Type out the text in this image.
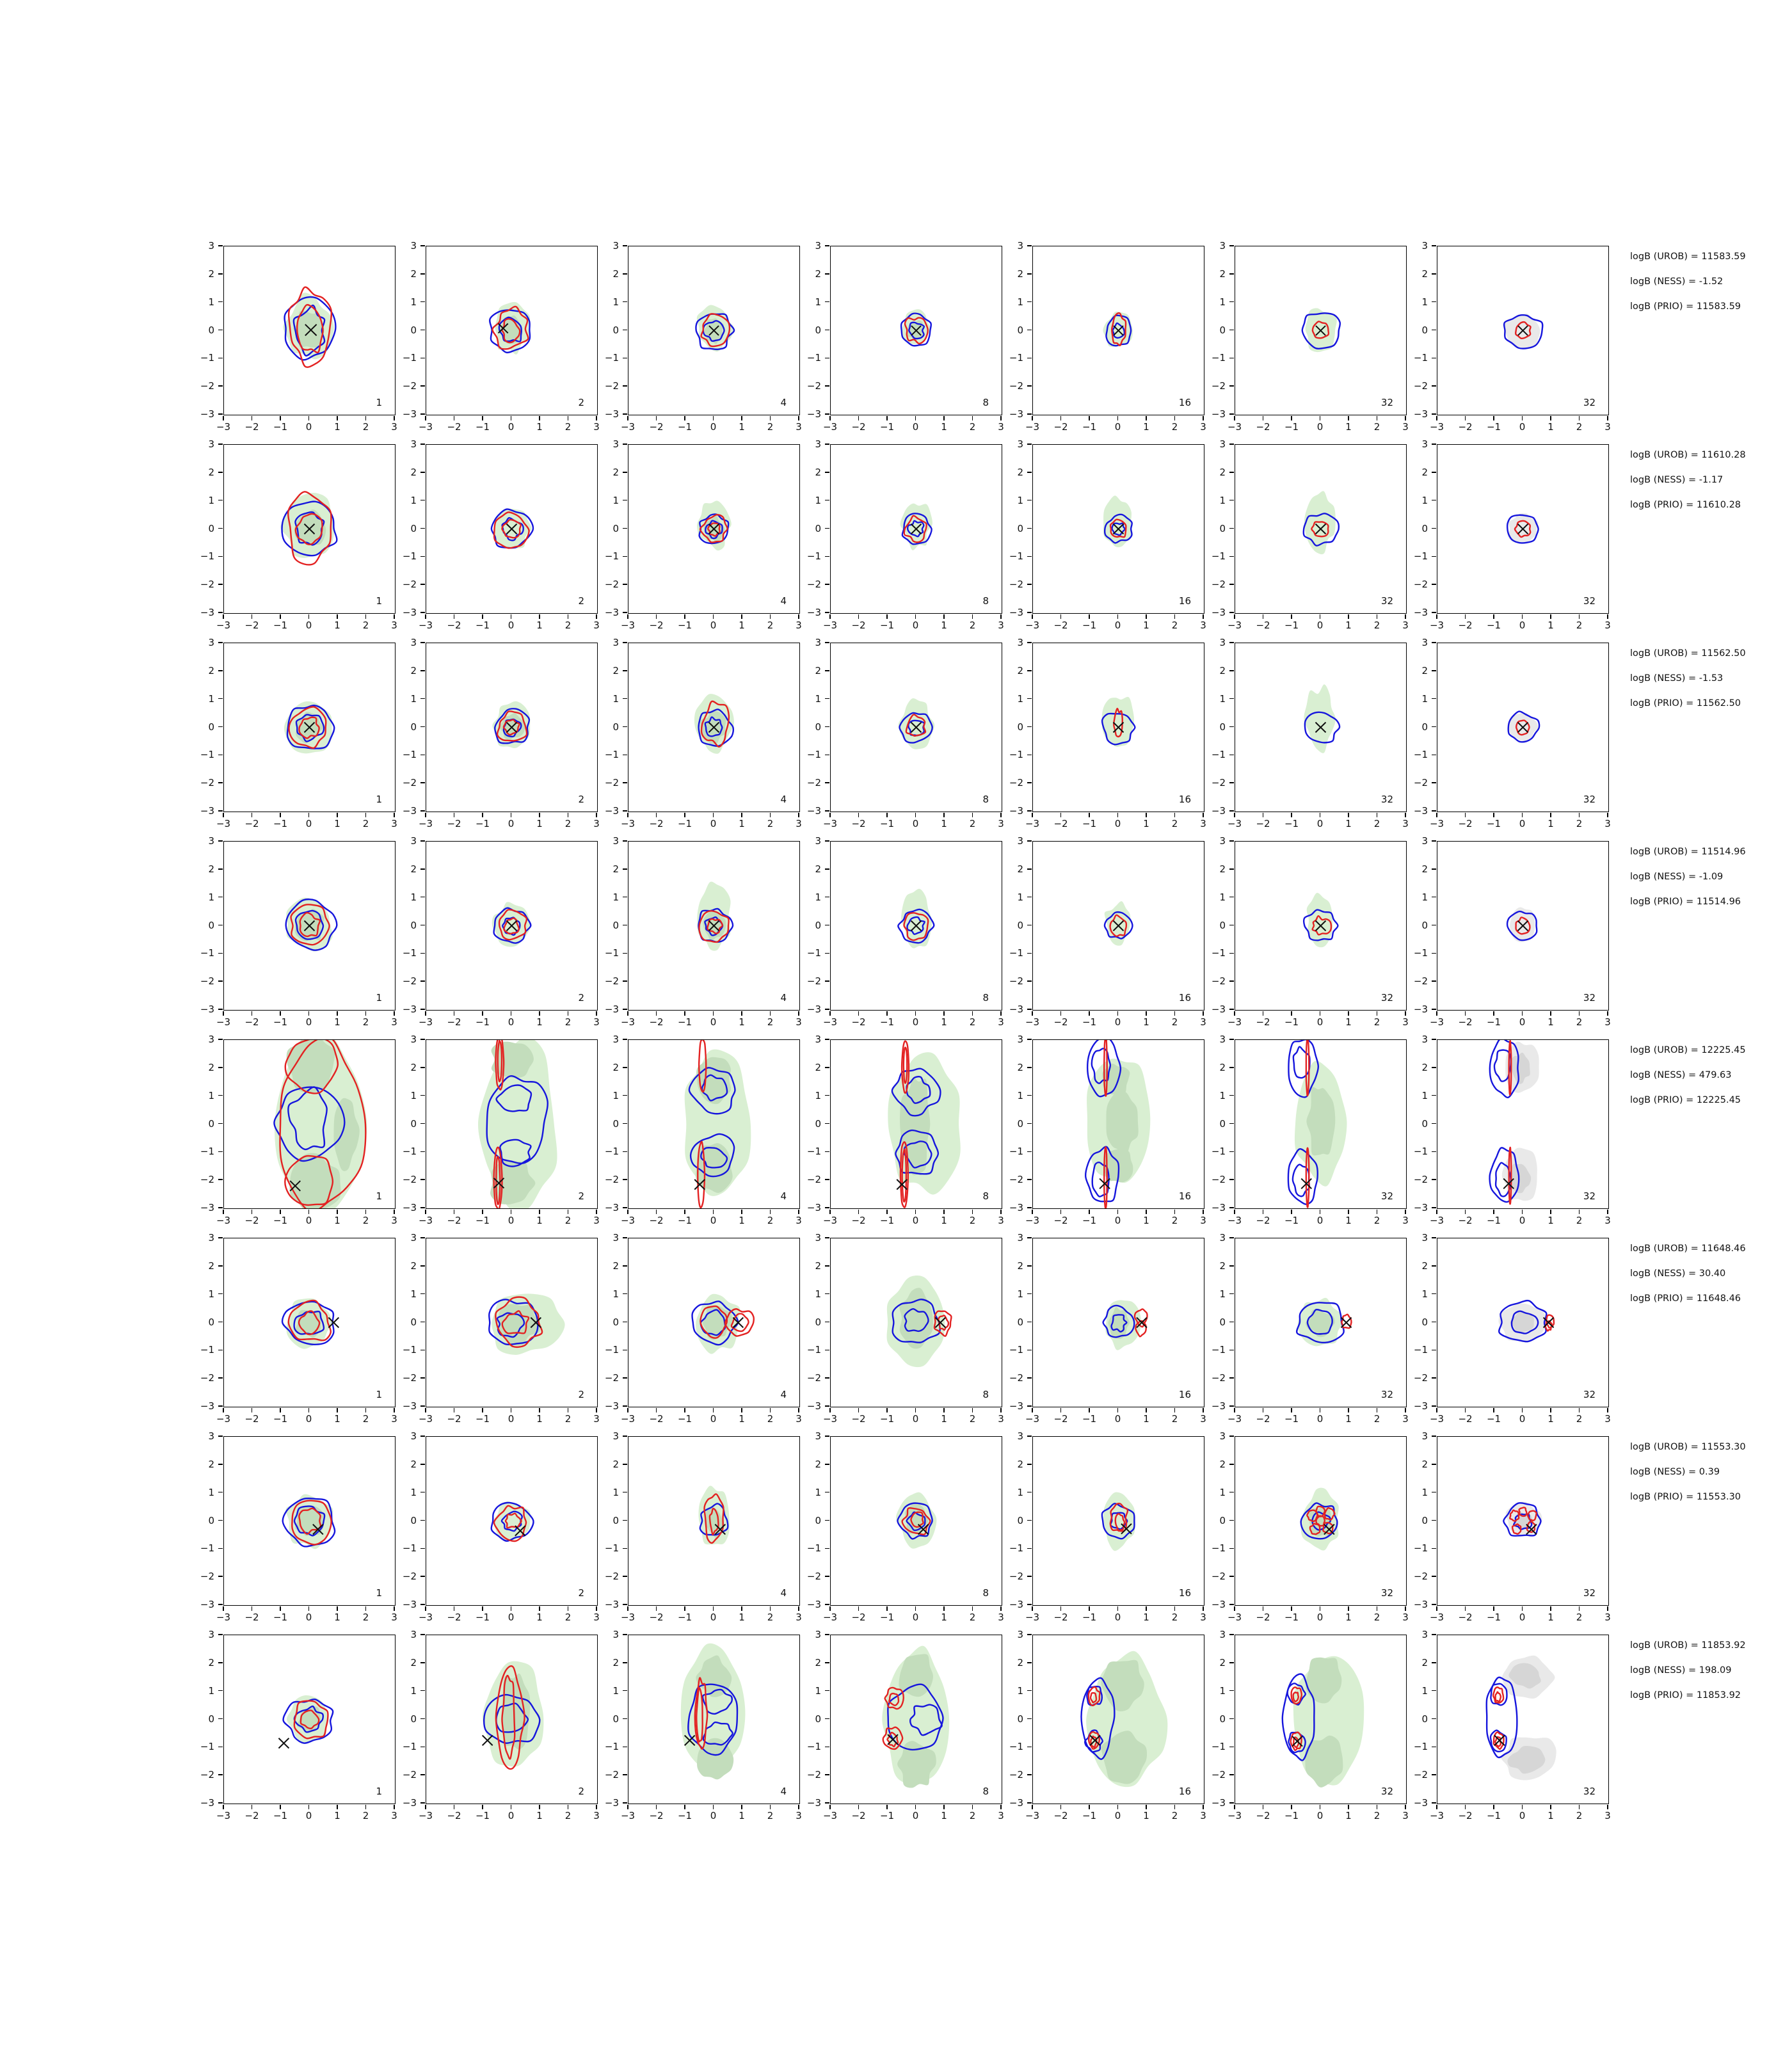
1
−3
−3
−2
−2
−1
−1
0
0
1
1
2
2
3
3
2
−3
−3
−2
−2
−1
−1
0
0
1
1
2
2
3
3
4
−3
−3
−2
−2
−1
−1
0
0
1
1
2
2
3
3
8
−3
−3
−2
−2
−1
−1
0
0
1
1
2
2
3
3
16
−3
−3
−2
−2
−1
−1
0
0
1
1
2
2
3
3
32
−3
−3
−2
−2
−1
−1
0
0
1
1
2
2
3
3
32
−3
−3
−2
−2
−1
−1
0
0
1
1
2
2
3
3
1
−3
−3
−2
−2
−1
−1
0
0
1
1
2
2
3
3
2
−3
−3
−2
−2
−1
−1
0
0
1
1
2
2
3
3
4
−3
−3
−2
−2
−1
−1
0
0
1
1
2
2
3
3
8
−3
−3
−2
−2
−1
−1
0
0
1
1
2
2
3
3
16
−3
−3
−2
−2
−1
−1
0
0
1
1
2
2
3
3
32
−3
−3
−2
−2
−1
−1
0
0
1
1
2
2
3
3
32
−3
−3
−2
−2
−1
−1
0
0
1
1
2
2
3
3
1
−3
−3
−2
−2
−1
−1
0
0
1
1
2
2
3
3
2
−3
−3
−2
−2
−1
−1
0
0
1
1
2
2
3
3
4
−3
−3
−2
−2
−1
−1
0
0
1
1
2
2
3
3
8
−3
−3
−2
−2
−1
−1
0
0
1
1
2
2
3
3
16
−3
−3
−2
−2
−1
−1
0
0
1
1
2
2
3
3
32
−3
−3
−2
−2
−1
−1
0
0
1
1
2
2
3
3
32
−3
−3
−2
−2
−1
−1
0
0
1
1
2
2
3
3
1
−3
−3
−2
−2
−1
−1
0
0
1
1
2
2
3
3
2
−3
−3
−2
−2
−1
−1
0
0
1
1
2
2
3
3
4
−3
−3
−2
−2
−1
−1
0
0
1
1
2
2
3
3
8
−3
−3
−2
−2
−1
−1
0
0
1
1
2
2
3
3
16
−3
−3
−2
−2
−1
−1
0
0
1
1
2
2
3
3
32
−3
−3
−2
−2
−1
−1
0
0
1
1
2
2
3
3
32
−3
−3
−2
−2
−1
−1
0
0
1
1
2
2
3
3
1
−3
−3
−2
−2
−1
−1
0
0
1
1
2
2
3
3
2
−3
−3
−2
−2
−1
−1
0
0
1
1
2
2
3
3
4
−3
−3
−2
−2
−1
−1
0
0
1
1
2
2
3
3
8
−3
−3
−2
−2
−1
−1
0
0
1
1
2
2
3
3
16
−3
−3
−2
−2
−1
−1
0
0
1
1
2
2
3
3
32
−3
−3
−2
−2
−1
−1
0
0
1
1
2
2
3
3
32
−3
−3
−2
−2
−1
−1
0
0
1
1
2
2
3
3
1
−3
−3
−2
−2
−1
−1
0
0
1
1
2
2
3
3
2
−3
−3
−2
−2
−1
−1
0
0
1
1
2
2
3
3
4
−3
−3
−2
−2
−1
−1
0
0
1
1
2
2
3
3
8
−3
−3
−2
−2
−1
−1
0
0
1
1
2
2
3
3
16
−3
−3
−2
−2
−1
−1
0
0
1
1
2
2
3
3
32
−3
−3
−2
−2
−1
−1
0
0
1
1
2
2
3
3
32
−3
−3
−2
−2
−1
−1
0
0
1
1
2
2
3
3
1
−3
−3
−2
−2
−1
−1
0
0
1
1
2
2
3
3
2
−3
−3
−2
−2
−1
−1
0
0
1
1
2
2
3
3
4
−3
−3
−2
−2
−1
−1
0
0
1
1
2
2
3
3
8
−3
−3
−2
−2
−1
−1
0
0
1
1
2
2
3
3
16
−3
−3
−2
−2
−1
−1
0
0
1
1
2
2
3
3
32
−3
−3
−2
−2
−1
−1
0
0
1
1
2
2
3
3
32
−3
−3
−2
−2
−1
−1
0
0
1
1
2
2
3
3
1
−3
−3
−2
−2
−1
−1
0
0
1
1
2
2
3
3
2
−3
−3
−2
−2
−1
−1
0
0
1
1
2
2
3
3
4
−3
−3
−2
−2
−1
−1
0
0
1
1
2
2
3
3
8
−3
−3
−2
−2
−1
−1
0
0
1
1
2
2
3
3
16
−3
−3
−2
−2
−1
−1
0
0
1
1
2
2
3
3
32
−3
−3
−2
−2
−1
−1
0
0
1
1
2
2
3
3
32
−3
−3
−2
−2
−1
−1
0
0
1
1
2
2
3
3
logB (UROB) = 11583.59
logB (NESS) = -1.52
logB (PRIO) = 11583.59
logB (UROB) = 11610.28
logB (NESS) = -1.17
logB (PRIO) = 11610.28
logB (UROB) = 11562.50
logB (NESS) = -1.53
logB (PRIO) = 11562.50
logB (UROB) = 11514.96
logB (NESS) = -1.09
logB (PRIO) = 11514.96
logB (UROB) = 12225.45
logB (NESS) = 479.63
logB (PRIO) = 12225.45
logB (UROB) = 11648.46
logB (NESS) = 30.40
logB (PRIO) = 11648.46
logB (UROB) = 11553.30
logB (NESS) = 0.39
logB (PRIO) = 11553.30
logB (UROB) = 11853.92
logB (NESS) = 198.09
logB (PRIO) = 11853.92
